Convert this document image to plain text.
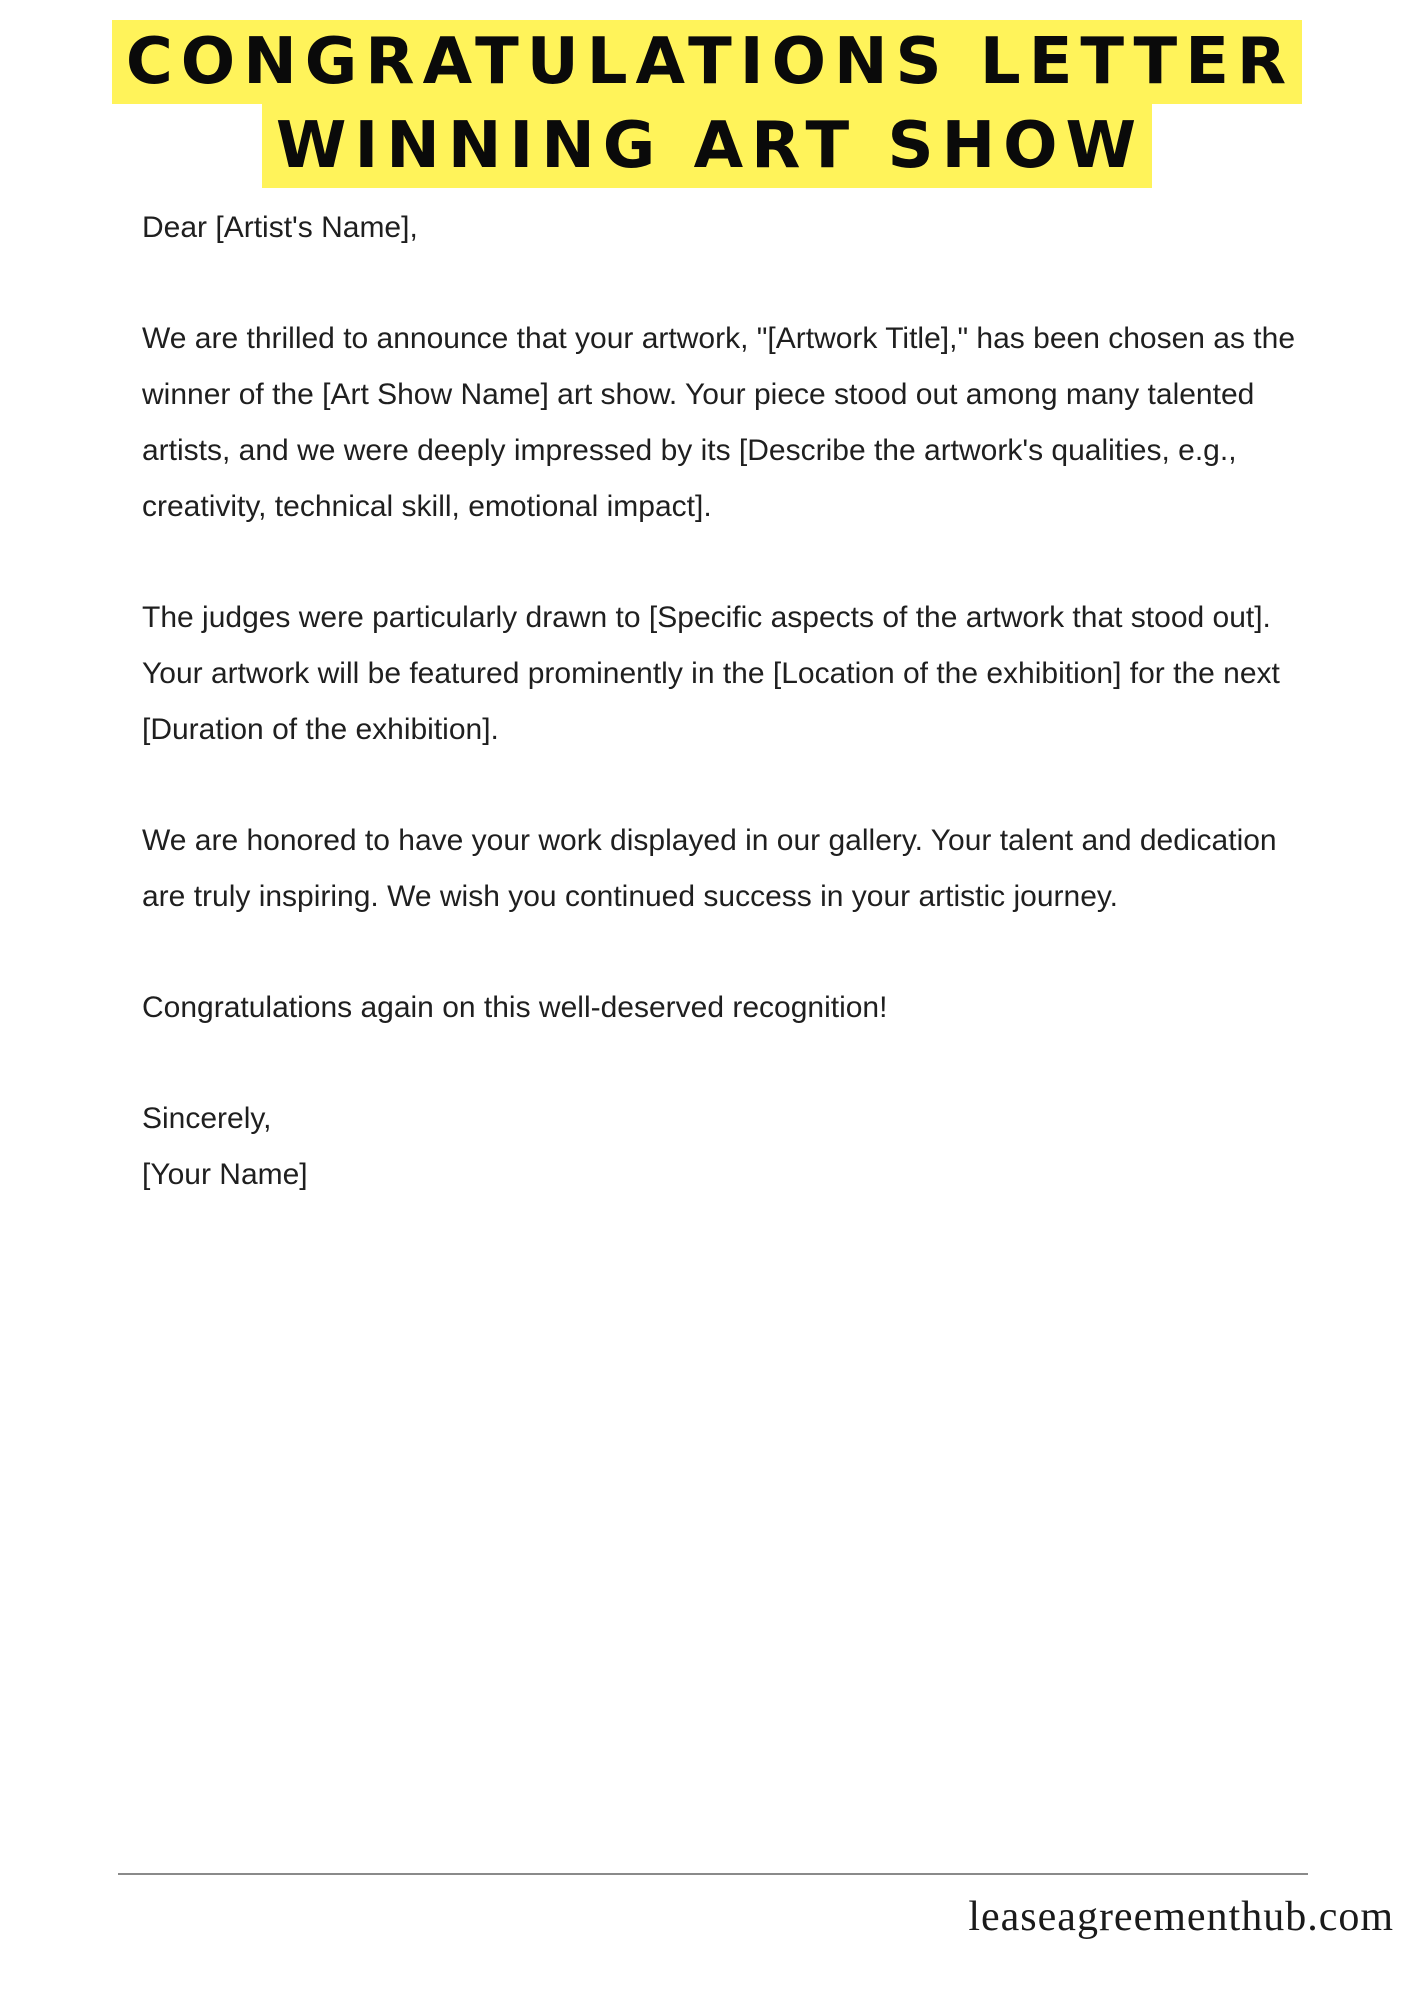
CONGRATULATIONS LETTER
WINNING ART SHOW

Dear [Artist's Name],

We are thrilled to announce that your artwork, "[Artwork Title]," has been chosen as the winner of the [Art Show Name] art show. Your piece stood out among many talented artists, and we were deeply impressed by its [Describe the artwork's qualities, e.g., creativity, technical skill, emotional impact].

The judges were particularly drawn to [Specific aspects of the artwork that stood out]. Your artwork will be featured prominently in the [Location of the exhibition] for the next [Duration of the exhibition].

We are honored to have your work displayed in our gallery. Your talent and dedication are truly inspiring. We wish you continued success in your artistic journey.

Congratulations again on this well-deserved recognition!

Sincerely,

[Your Name]

leaseagreementhub.com
